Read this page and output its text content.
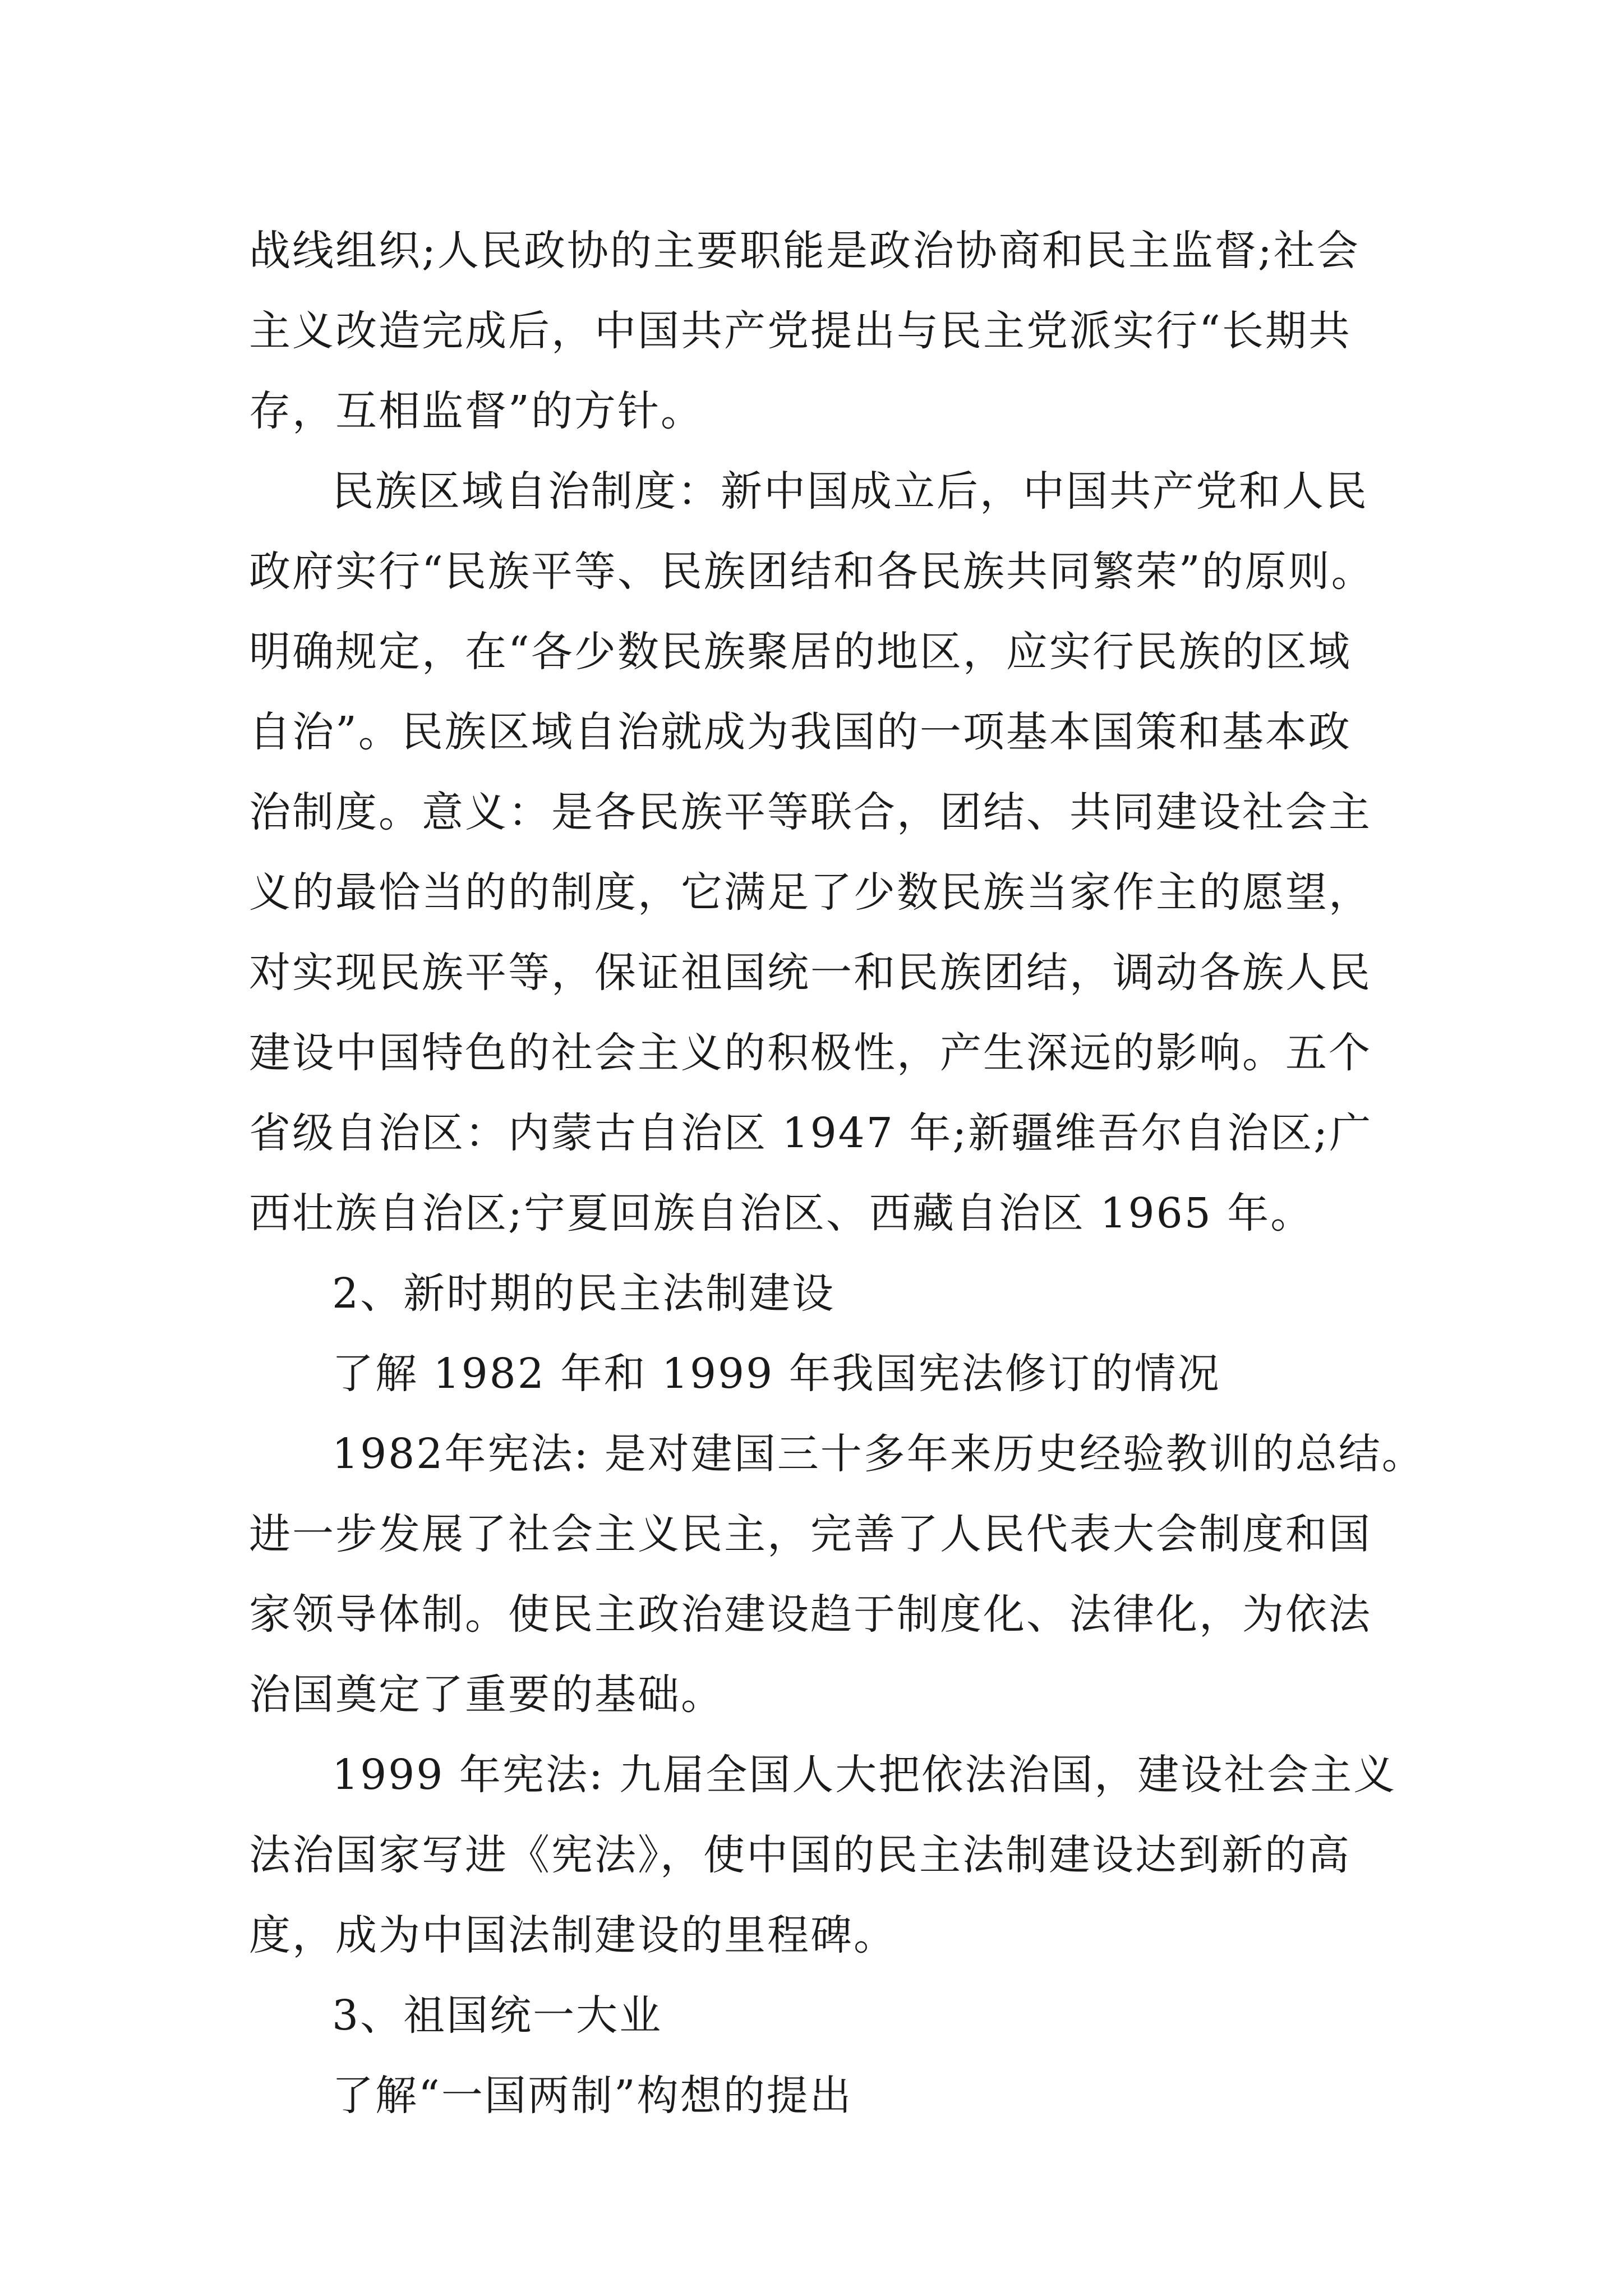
战线组织;人民政协的主要职能是政治协商和民主监督;社会
主义改造完成后，中国共产党提出与民主党派实行“长期共
存，互相监督”的方针。

民族区域自治制度：新中国成立后，中国共产党和人民
政府实行“民族平等、民族团结和各民族共同繁荣”的原则。
明确规定，在“各少数民族聚居的地区，应实行民族的区域
自治”。民族区域自治就成为我国的一项基本国策和基本政
治制度。意义：是各民族平等联合，团结、共同建设社会主
义的最恰当的的制度，它满足了少数民族当家作主的愿望，
对实现民族平等，保证祖国统一和民族团结，调动各族人民
建设中国特色的社会主义的积极性，产生深远的影响。五个
省级自治区：内蒙古自治区 1947 年;新疆维吾尔自治区;广
西壮族自治区;宁夏回族自治区、西藏自治区 1965 年。

2、新时期的民主法制建设

了解 1982 年和 1999 年我国宪法修订的情况

1982年宪法: 是对建国三十多年来历史经验教训的总结。
进一步发展了社会主义民主，完善了人民代表大会制度和国
家领导体制。使民主政治建设趋于制度化、法律化，为依法
治国奠定了重要的基础。

1999 年宪法: 九届全国人大把依法治国，建设社会主义
法治国家写进《宪法》，使中国的民主法制建设达到新的高
度，成为中国法制建设的里程碑。

3、祖国统一大业

了解“一国两制”构想的提出
